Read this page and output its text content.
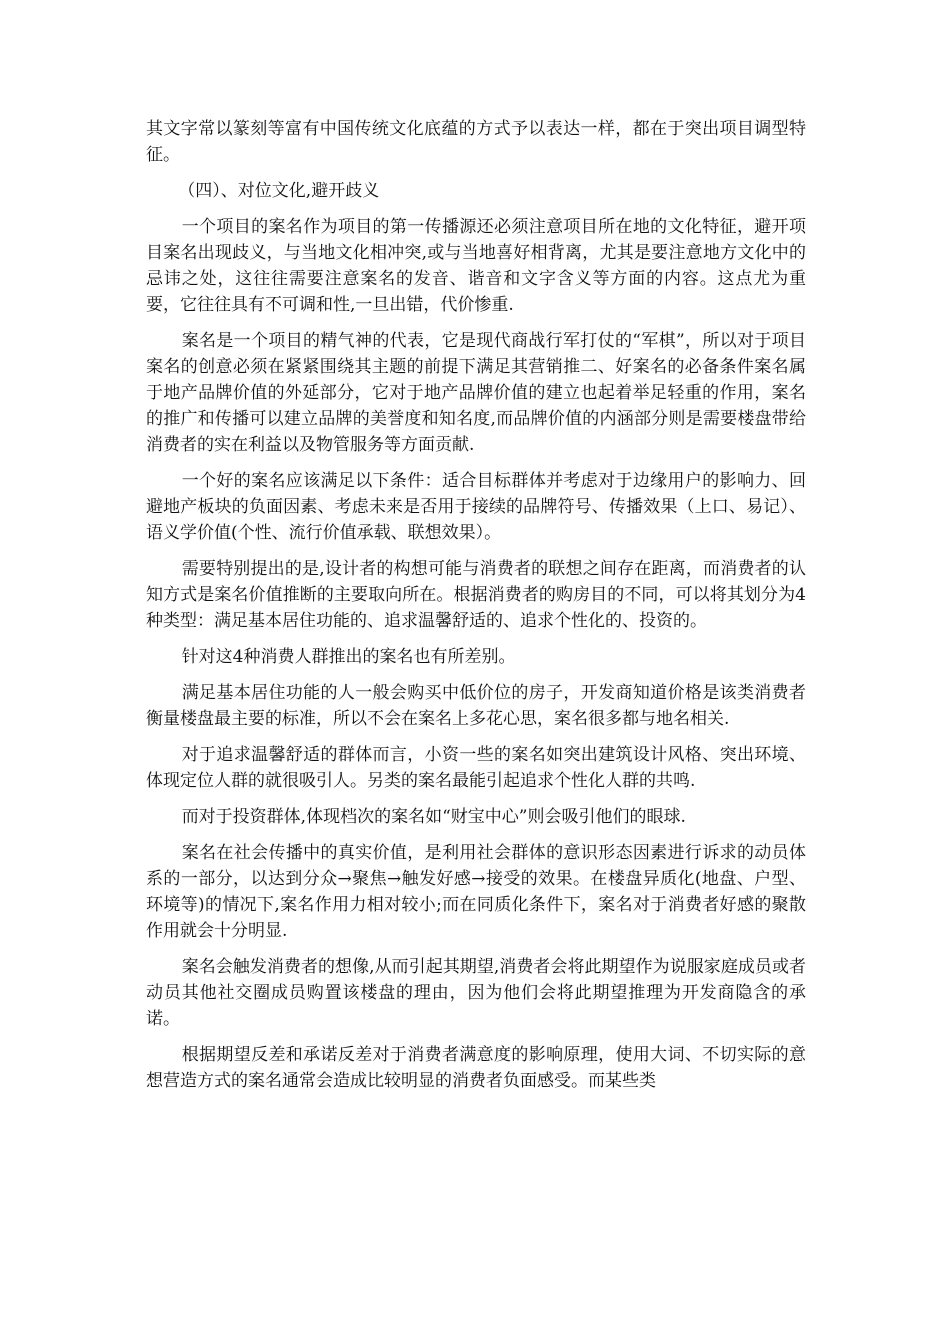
其文字常以篆刻等富有中国传统文化底蕴的方式予以表达一样，都在于突出项目调型特征。

（四）、对位文化,避开歧义

一个项目的案名作为项目的第一传播源还必须注意项目所在地的文化特征，避开项目案名出现歧义，与当地文化相冲突,或与当地喜好相背离，尤其是要注意地方文化中的忌讳之处，这往往需要注意案名的发音、谐音和文字含义等方面的内容。这点尤为重要，它往往具有不可调和性,一旦出错，代价惨重.

案名是一个项目的精气神的代表，它是现代商战行军打仗的“军棋”，所以对于项目案名的创意必须在紧紧围绕其主题的前提下满足其营销推二、好案名的必备条件案名属于地产品牌价值的外延部分，它对于地产品牌价值的建立也起着举足轻重的作用，案名的推广和传播可以建立品牌的美誉度和知名度,而品牌价值的内涵部分则是需要楼盘带给消费者的实在利益以及物管服务等方面贡献.

一个好的案名应该满足以下条件：适合目标群体并考虑对于边缘用户的影响力、回避地产板块的负面因素、考虑未来是否用于接续的品牌符号、传播效果（上口、易记）、语义学价值(个性、流行价值承载、联想效果）。

需要特别提出的是,设计者的构想可能与消费者的联想之间存在距离，而消费者的认知方式是案名价值推断的主要取向所在。根据消费者的购房目的不同，可以将其划分为4种类型：满足基本居住功能的、追求温馨舒适的、追求个性化的、投资的。

针对这4种消费人群推出的案名也有所差别。

满足基本居住功能的人一般会购买中低价位的房子，开发商知道价格是该类消费者衡量楼盘最主要的标准，所以不会在案名上多花心思，案名很多都与地名相关.

对于追求温馨舒适的群体而言，小资一些的案名如突出建筑设计风格、突出环境、体现定位人群的就很吸引人。另类的案名最能引起追求个性化人群的共鸣.

而对于投资群体,体现档次的案名如“财宝中心”则会吸引他们的眼球.

案名在社会传播中的真实价值，是利用社会群体的意识形态因素进行诉求的动员体系的一部分，以达到分众→聚焦→触发好感→接受的效果。在楼盘异质化(地盘、户型、环境等)的情况下,案名作用力相对较小;而在同质化条件下，案名对于消费者好感的聚散作用就会十分明显.

案名会触发消费者的想像,从而引起其期望,消费者会将此期望作为说服家庭成员或者动员其他社交圈成员购置该楼盘的理由，因为他们会将此期望推理为开发商隐含的承诺。

根据期望反差和承诺反差对于消费者满意度的影响原理，使用大词、不切实际的意想营造方式的案名通常会造成比较明显的消费者负面感受。而某些类
